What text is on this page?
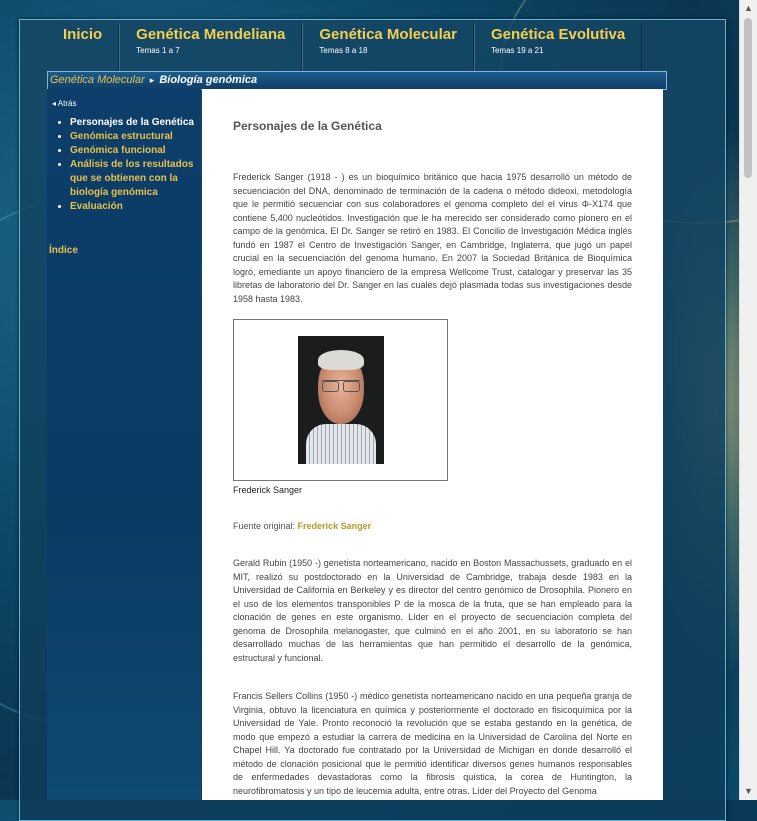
Inicio Genética Mendeliana
Temas 1 a 7
Genética Molecular
Temas 8 a 18
Genética Evolutiva
Temas 19 a 21
Genética Molecular ▸ Biología genómica
◂ Atrás
• Personajes de la Genética
• Genómica estructural
• Genómica funcional
• Análisis de los resultados que se obtienen con la biología genómica
• Evaluación
Índice
Personajes de la Genética

Frederick Sanger (1918 - ) es un bioquímico británico que hacia 1975 desarrolló un método de secuenciación del DNA, denominado de terminación de la cadena o método dideoxi, metodología que le permitió secuenciar con sus colaboradores el genoma completo del el virus Φ-X174 que contiene 5,400 nucleótidos. Investigación que le ha merecido ser considerado como pionero en el campo de la genómica. El Dr. Sanger se retiró en 1983. El Concilio de Investigación Médica inglés fundó en 1987 el Centro de Investigación Sanger, en Cambridge, Inglaterra, que jugó un papel crucial en la secuenciación del genoma humano. En 2007 la Sociedad Británica de Bioquímica logró, emediante un apoyo financiero de la empresa Wellcome Trust, catalogar y preservar las 35 libretas de laboratorio del Dr. Sanger en las cuales dejó plasmada todas sus investigaciones desde 1958 hasta 1983.

Frederick Sanger
Fuente original: Frederick Sanger

Gerald Rubin (1950 -) genetista norteamericano, nacido en Boston Massachussets, graduado en el MIT, realizó su postdoctorado en la Universidad de Cambridge, trabaja desde 1983 en la Universidad de California en Berkeley y es director del centro genómico de Drosophila. Pionero en el uso de los elementos transponibles P de la mosca de la fruta, que se han empleado para la clonación de genes en este organismo. Líder en el proyecto de secuenciación completa del genoma de Drosophila melanogaster, que culminó en el año 2001, en su laboratorio se han desarrollado muchas de las herramientas que han permitido el desarrollo de la genómica, estructural y funcional.

Francis Sellers Collins (1950 -) médico genetista norteamericano nacido en una pequeña granja de Virginia, obtuvo la licenciatura en química y posteriormente el doctorado en fisicoquímica por la Universidad de Yale. Pronto reconoció la revolución que se estaba gestando en la genética, de modo que empezó a estudiar la carrera de medicina en la Universidad de Carolina del Norte en Chapel Hill. Ya doctorado fue contratado por la Universidad de Michigan en donde desarrolló el método de clonación posicional que le permitió identificar diversos genes humanos responsables de enfermedades devastadoras como la fibrosis quística, la corea de Huntington, la neurofibromatosis y un tipo de leucemia adulta, entre otras. Líder del Proyecto del Genoma

▲
▼
